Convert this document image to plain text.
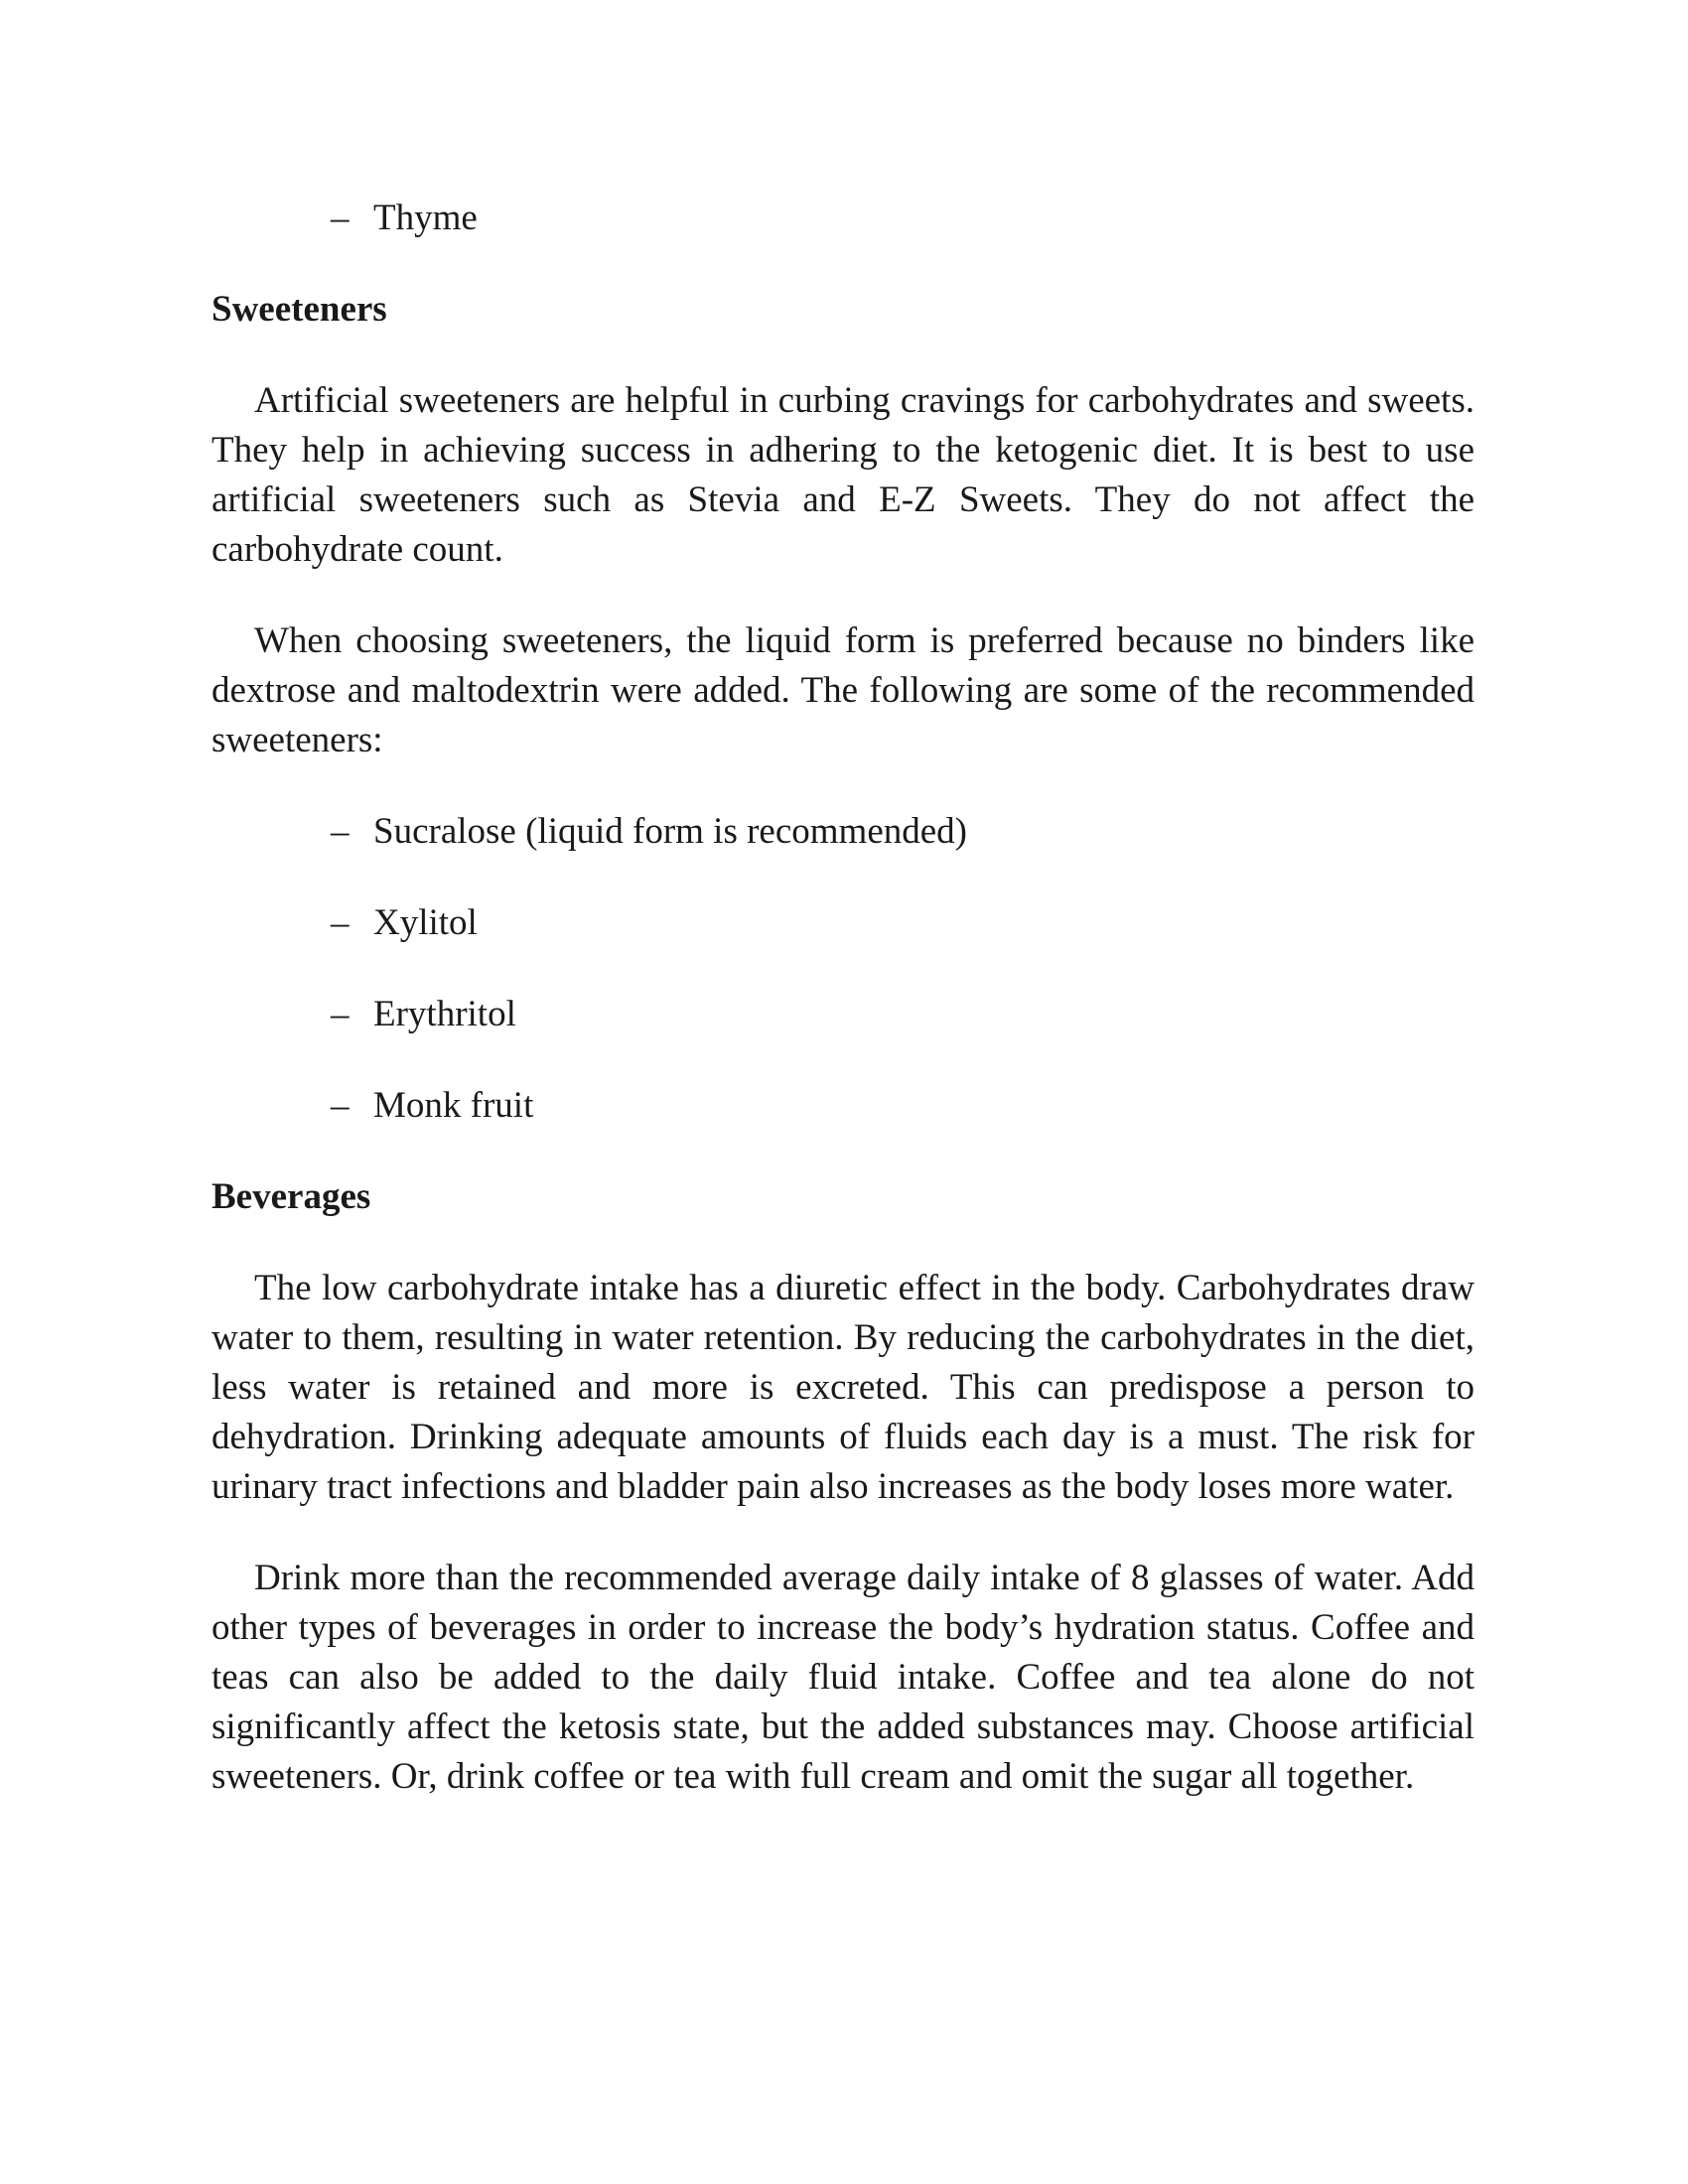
– Thyme
Sweeteners

Artificial sweeteners are helpful in curbing cravings for carbohydrates and sweets. They help in achieving success in adhering to the ketogenic diet. It is best to use artificial sweeteners such as Stevia and E-Z Sweets. They do not affect the carbohydrate count.

When choosing sweeteners, the liquid form is preferred because no binders like dextrose and maltodextrin were added. The following are some of the recommended sweeteners:

– Sucralose (liquid form is recommended)
– Xylitol
– Erythritol
– Monk fruit
Beverages

The low carbohydrate intake has a diuretic effect in the body. Carbohydrates draw water to them, resulting in water retention. By reducing the carbohydrates in the diet, less water is retained and more is excreted. This can predispose a person to dehydration. Drinking adequate amounts of fluids each day is a must. The risk for urinary tract infections and bladder pain also increases as the body loses more water.

Drink more than the recommended average daily intake of 8 glasses of water. Add other types of beverages in order to increase the body’s hydration status. Coffee and teas can also be added to the daily fluid intake. Coffee and tea alone do not significantly affect the ketosis state, but the added substances may. Choose artificial sweeteners. Or, drink coffee or tea with full cream and omit the sugar all together.
